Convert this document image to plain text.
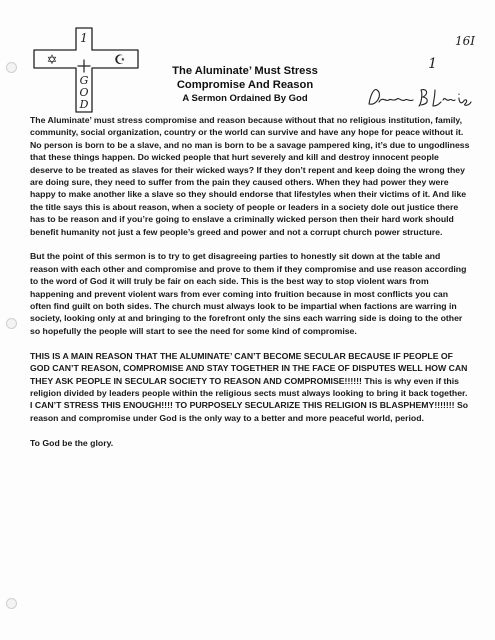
1
✡	☪
G
O
D
16I
1
The Aluminate’ Must Stress
Compromise And Reason
A Sermon Ordained By God

The Aluminate’ must stress compromise and reason because without that no religious institution, family, community, social organization, country or the world can survive and have any hope for peace without it. No person is born to be a slave, and no man is born to be a savage pampered king, it’s due to ungodliness that these things happen. Do wicked people that hurt severely and kill and destroy innocent people deserve to be treated as slaves for their wicked ways? If they don’t repent and keep doing the wrong they are doing sure, they need to suffer from the pain they caused others. When they had power they were happy to make another like a slave so they should endorse that lifestyles when their victims of it. And like the title says this is about reason, when a society of people or leaders in a society dole out justice there has to be reason and if you’re going to enslave a criminally wicked person then their hard work should benefit humanity not just a few people’s greed and power and not a corrupt church power structure.

But the point of this sermon is to try to get disagreeing parties to honestly sit down at the table and reason with each other and compromise and prove to them if they compromise and use reason according to the word of God it will truly be fair on each side. This is the best way to stop violent wars from happening and prevent violent wars from ever coming into fruition because in most conflicts you can often find guilt on both sides. The church must always look to be impartial when factions are warring in society, looking only at and bringing to the forefront only the sins each warring side is doing to the other so hopefully the people will start to see the need for some kind of compromise.

THIS IS A MAIN REASON THAT THE ALUMINATE’ CAN’T BECOME SECULAR BECAUSE IF PEOPLE OF GOD CAN’T REASON, COMPROMISE AND STAY TOGETHER IN THE FACE OF DISPUTES WELL HOW CAN THEY ASK PEOPLE IN SECULAR SOCIETY TO REASON AND COMPROMISE!!!!!! This is why even if this religion divided by leaders people within the religious sects must always looking to bring it back together. I CAN’T STRESS THIS ENOUGH!!!! TO PURPOSELY SECULARIZE THIS RELIGION IS BLASPHEMY!!!!!!! So reason and compromise under God is the only way to a better and more peaceful world, period.

To God be the glory.
